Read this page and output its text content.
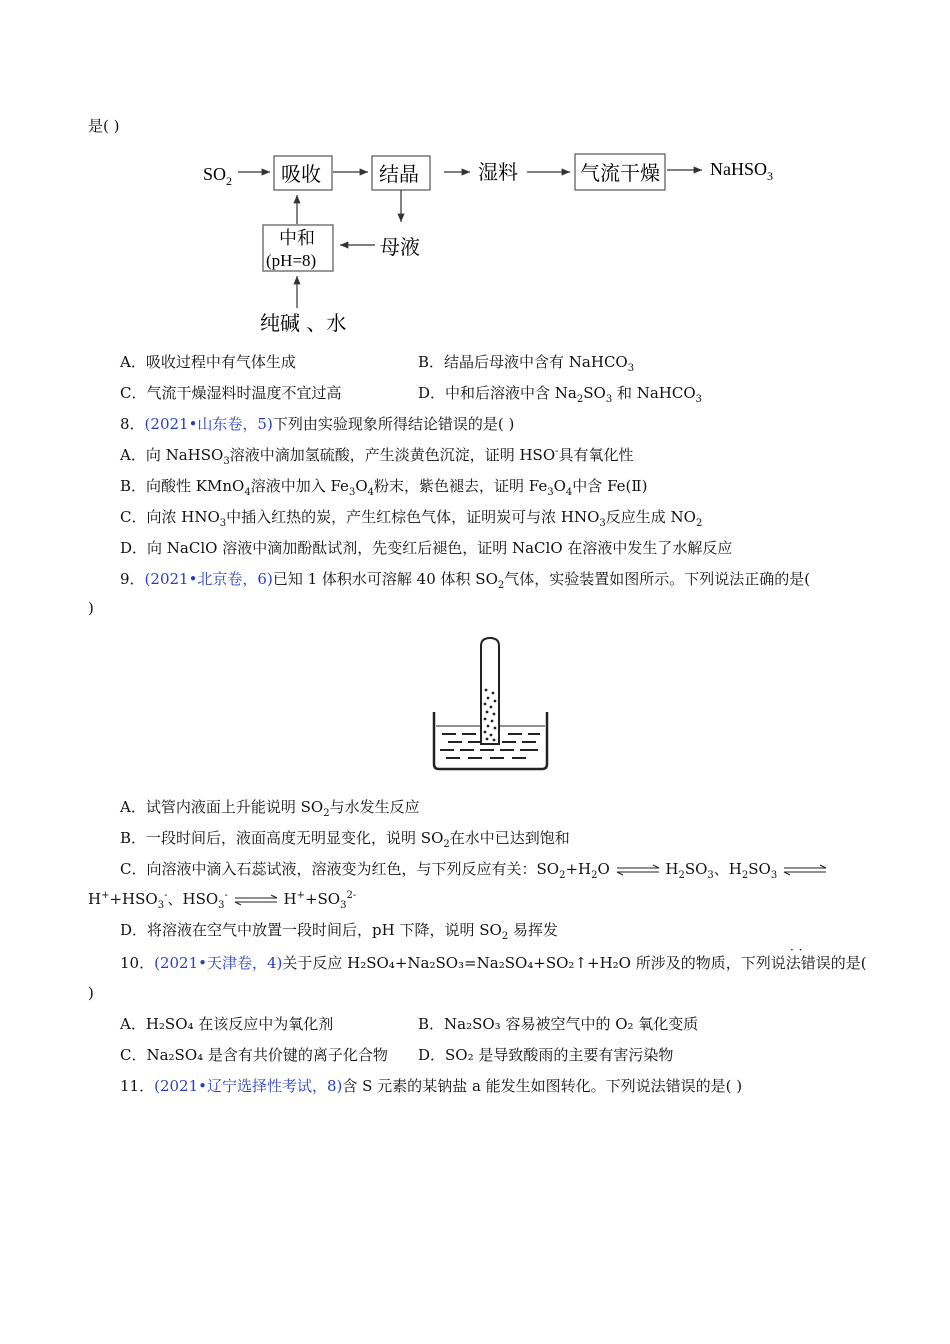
是( )
$SO_2$ 吸收	结晶	湿料	气流干燥	NaHSO$_3$
中和
(pH=8)
母液
纯碱 、水
A．吸收过程中有气体生成	B．结晶后母液中含有 NaHCO$_3$
C．气流干燥湿料时温度不宜过高	D．中和后溶液中含 $Na_2SO_3$ 和 NaHCO$_3$
8．(2021•山东卷，5)下列由实验现象所得结论错误的是( )
A．向 NaHSO$_3$溶液中滴加氢硫酸，产生淡黄色沉淀，证明 HSO-具有氧化性
B．向酸性 KMnO$_4$溶液中加入 $Fe_3O_4$粉末，紫色褪去，证明 $Fe_3O_4$中含 Fe(Ⅱ)
C．向浓 $HNO_3$中插入红热的炭，产生红棕色气体，证明炭可与浓 $HNO_3$反应生成 $NO_2$
D．向 NaClO 溶液中滴加酚酞试剂，先变红后褪色，证明 NaClO 在溶液中发生了水解反应
9．(2021•北京卷，6)已知 1 体积水可溶解 40 体积 $SO_2$气体，实验装置如图所示。下列说法正确的是(
)
A．试管内液面上升能说明 $SO_2$与水发生反应
B．一段时间后，液面高度无明显变化，说明 $SO_2$在水中已达到饱和
C．向溶液中滴入石蕊试液，溶液变为红色，与下列反应有关：$SO_2+H_2O$ ⇌ $H_2SO_3$、$H_2SO_3$ ⇌
$H^++HSO_3^-$、$HSO_3^-$ ⇌ $H^++SO_3^{2-}$
D．将溶液在空气中放置一段时间后，pH 下降，说明 $SO_2$ 易挥发
·  ·
10．(2021•天津卷，4)关于反应 H₂SO₄+Na₂SO₃=Na₂SO₄+SO₂↑+H₂O 所涉及的物质，下列说法错误的是(
)
A．H₂SO₄ 在该反应中为氧化剂	B．Na₂SO₃ 容易被空气中的 O₂ 氧化变质
C．Na₂SO₄ 是含有共价键的离子化合物 D．SO₂ 是导致酸雨的主要有害污染物
11．(2021•辽宁选择性考试，8)含 S 元素的某钠盐 a 能发生如图转化。下列说法错误的是( )
